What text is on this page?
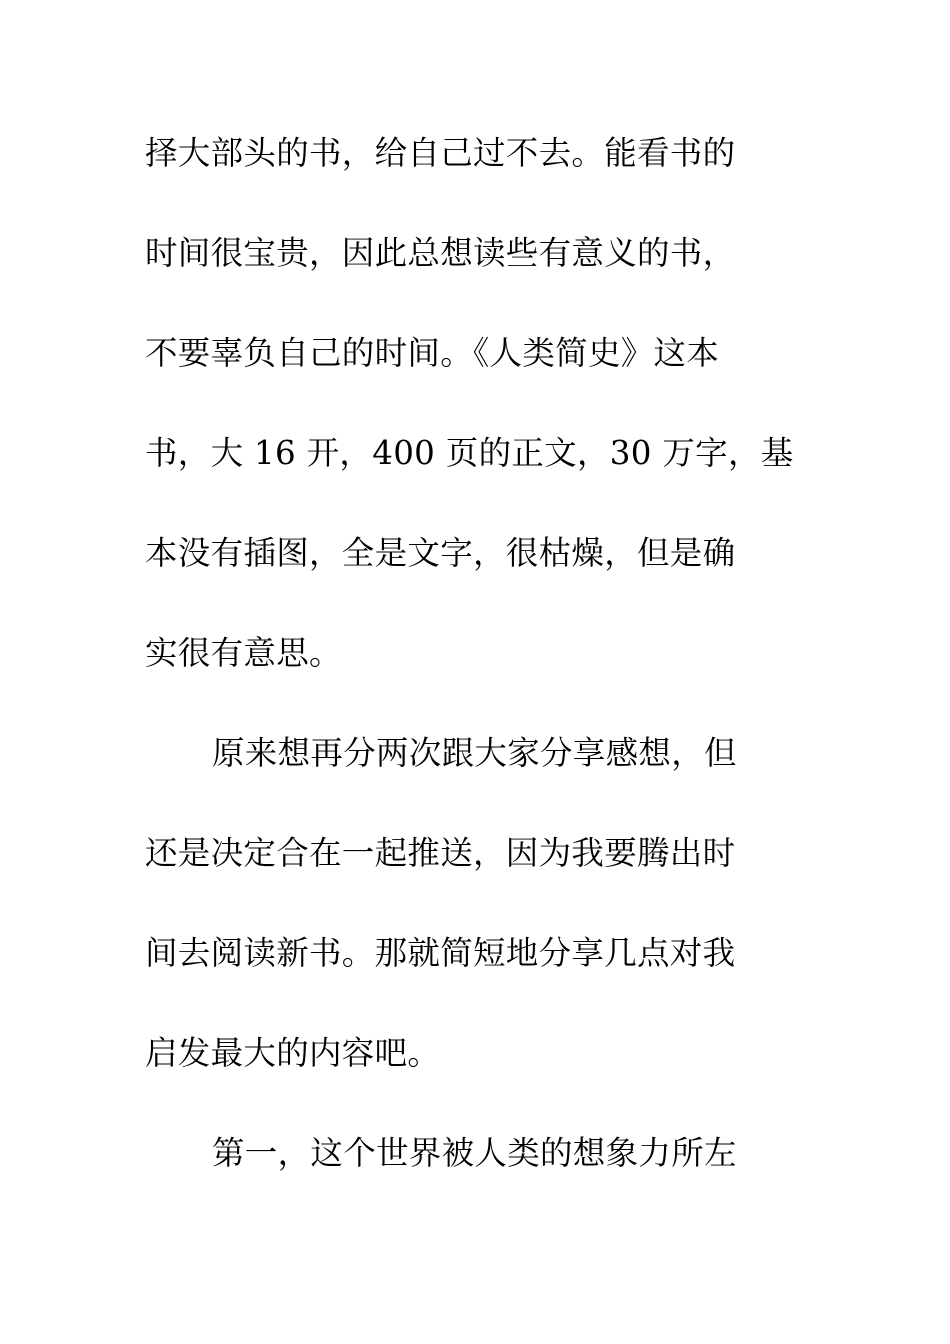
择大部头的书，给自己过不去。能看书的
时间很宝贵，因此总想读些有意义的书，
不要辜负自己的时间。《人类简史》这本
书，大 16 开，400 页的正文，30 万字，基
本没有插图，全是文字，很枯燥，但是确
实很有意思。
原来想再分两次跟大家分享感想，但
还是决定合在一起推送，因为我要腾出时
间去阅读新书。那就简短地分享几点对我
启发最大的内容吧。
第一，这个世界被人类的想象力所左
